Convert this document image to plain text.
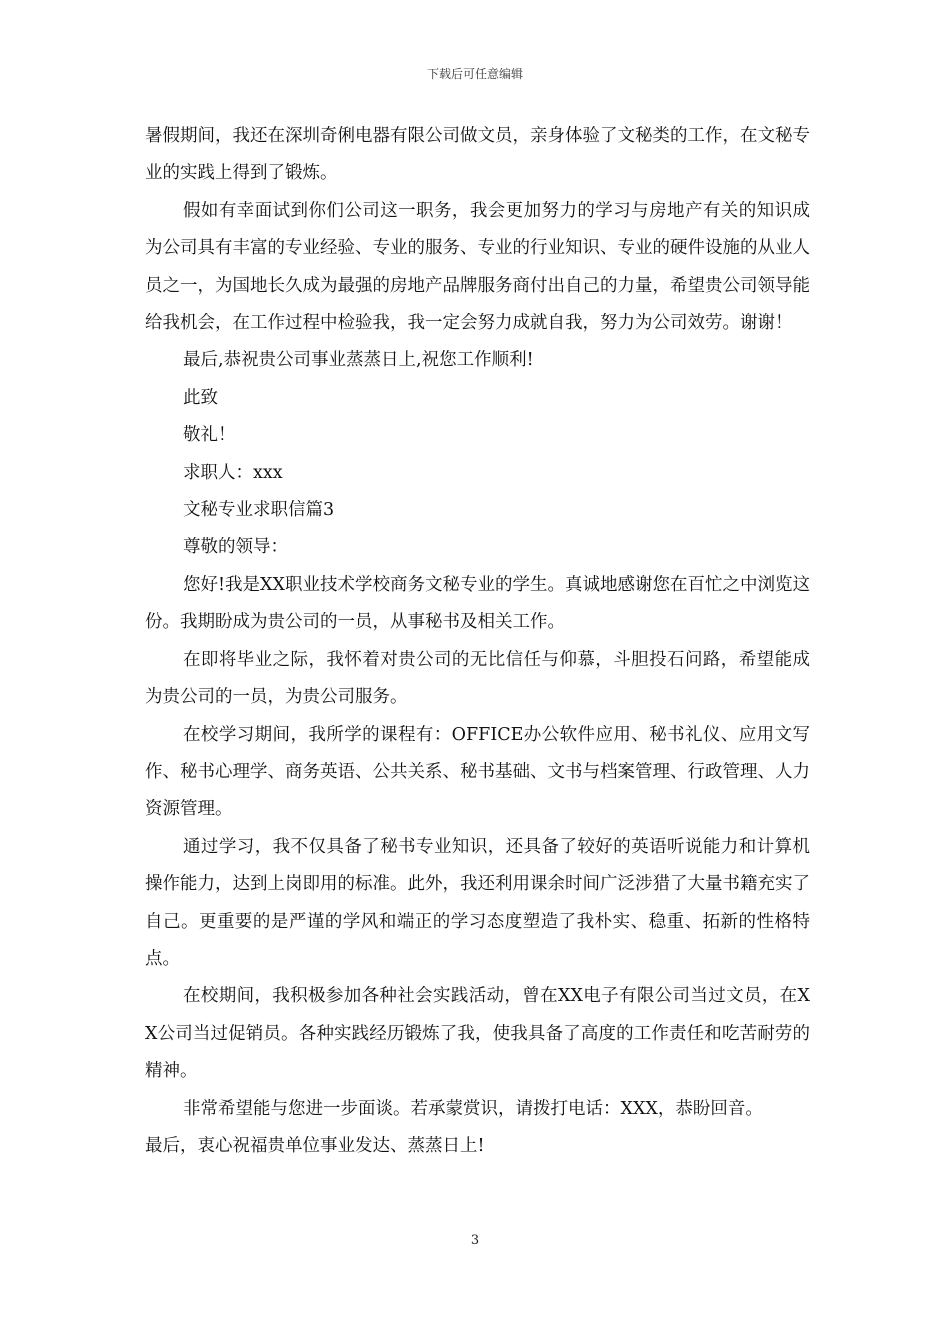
下载后可任意编辑

暑假期间，我还在深圳奇俐电器有限公司做文员，亲身体验了文秘类的工作，在文秘专业的实践上得到了锻炼。

假如有幸面试到你们公司这一职务，我会更加努力的学习与房地产有关的知识成为公司具有丰富的专业经验、专业的服务、专业的行业知识、专业的硬件设施的从业人员之一，为国地长久成为最强的房地产品牌服务商付出自己的力量，希望贵公司领导能给我机会，在工作过程中检验我，我一定会努力成就自我，努力为公司效劳。谢谢！

最后,恭祝贵公司事业蒸蒸日上,祝您工作顺利!

此致

敬礼！

求职人：xxx

文秘专业求职信篇3

尊敬的领导：

您好!我是XX职业技术学校商务文秘专业的学生。真诚地感谢您在百忙之中浏览这份。我期盼成为贵公司的一员，从事秘书及相关工作。

在即将毕业之际，我怀着对贵公司的无比信任与仰慕，斗胆投石问路，希望能成为贵公司的一员，为贵公司服务。

在校学习期间，我所学的课程有：OFFICE办公软件应用、秘书礼仪、应用文写作、秘书心理学、商务英语、公共关系、秘书基础、文书与档案管理、行政管理、人力资源管理。

通过学习，我不仅具备了秘书专业知识，还具备了较好的英语听说能力和计算机操作能力，达到上岗即用的标准。此外，我还利用课余时间广泛涉猎了大量书籍充实了自己。更重要的是严谨的学风和端正的学习态度塑造了我朴实、稳重、拓新的性格特点。

在校期间，我积极参加各种社会实践活动，曾在XX电子有限公司当过文员，在XX公司当过促销员。各种实践经历锻炼了我，使我具备了高度的工作责任和吃苦耐劳的精神。

非常希望能与您进一步面谈。若承蒙赏识，请拨打电话：XXX，恭盼回音。

最后，衷心祝福贵单位事业发达、蒸蒸日上!

3
